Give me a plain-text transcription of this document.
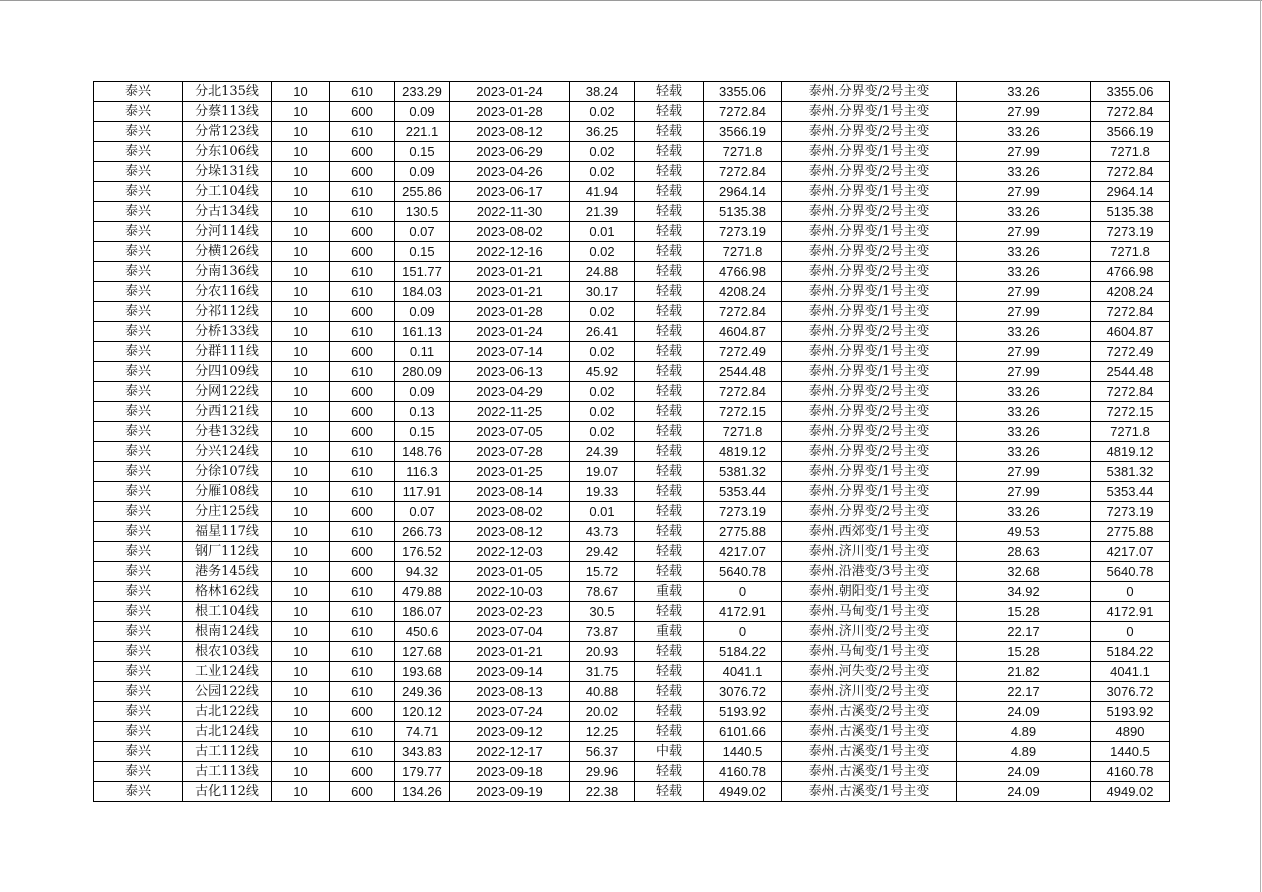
泰兴	分北135线	10	610	233.29	2023-01-24	38.24	轻载	3355.06	泰州.分界变/2号主变	33.26	3355.06
泰兴	分蔡113线	10	600	0.09	2023-01-28	0.02	轻载	7272.84	泰州.分界变/1号主变	27.99	7272.84
泰兴	分常123线	10	610	221.1	2023-08-12	36.25	轻载	3566.19	泰州.分界变/2号主变	33.26	3566.19
泰兴	分东106线	10	600	0.15	2023-06-29	0.02	轻载	7271.8	泰州.分界变/1号主变	27.99	7271.8
泰兴	分垛131线	10	600	0.09	2023-04-26	0.02	轻载	7272.84	泰州.分界变/2号主变	33.26	7272.84
泰兴	分工104线	10	610	255.86	2023-06-17	41.94	轻载	2964.14	泰州.分界变/1号主变	27.99	2964.14
泰兴	分古134线	10	610	130.5	2022-11-30	21.39	轻载	5135.38	泰州.分界变/2号主变	33.26	5135.38
泰兴	分河114线	10	600	0.07	2023-08-02	0.01	轻载	7273.19	泰州.分界变/1号主变	27.99	7273.19
泰兴	分横126线	10	600	0.15	2022-12-16	0.02	轻载	7271.8	泰州.分界变/2号主变	33.26	7271.8
泰兴	分南136线	10	610	151.77	2023-01-21	24.88	轻载	4766.98	泰州.分界变/2号主变	33.26	4766.98
泰兴	分农116线	10	610	184.03	2023-01-21	30.17	轻载	4208.24	泰州.分界变/1号主变	27.99	4208.24
泰兴	分祁112线	10	600	0.09	2023-01-28	0.02	轻载	7272.84	泰州.分界变/1号主变	27.99	7272.84
泰兴	分桥133线	10	610	161.13	2023-01-24	26.41	轻载	4604.87	泰州.分界变/2号主变	33.26	4604.87
泰兴	分群111线	10	600	0.11	2023-07-14	0.02	轻载	7272.49	泰州.分界变/1号主变	27.99	7272.49
泰兴	分四109线	10	610	280.09	2023-06-13	45.92	轻载	2544.48	泰州.分界变/1号主变	27.99	2544.48
泰兴	分网122线	10	600	0.09	2023-04-29	0.02	轻载	7272.84	泰州.分界变/2号主变	33.26	7272.84
泰兴	分西121线	10	600	0.13	2022-11-25	0.02	轻载	7272.15	泰州.分界变/2号主变	33.26	7272.15
泰兴	分巷132线	10	600	0.15	2023-07-05	0.02	轻载	7271.8	泰州.分界变/2号主变	33.26	7271.8
泰兴	分兴124线	10	610	148.76	2023-07-28	24.39	轻载	4819.12	泰州.分界变/2号主变	33.26	4819.12
泰兴	分徐107线	10	610	116.3	2023-01-25	19.07	轻载	5381.32	泰州.分界变/1号主变	27.99	5381.32
泰兴	分雁108线	10	610	117.91	2023-08-14	19.33	轻载	5353.44	泰州.分界变/1号主变	27.99	5353.44
泰兴	分庄125线	10	600	0.07	2023-08-02	0.01	轻载	7273.19	泰州.分界变/2号主变	33.26	7273.19
泰兴	福星117线	10	610	266.73	2023-08-12	43.73	轻载	2775.88	泰州.西郊变/1号主变	49.53	2775.88
泰兴	钢厂112线	10	600	176.52	2022-12-03	29.42	轻载	4217.07	泰州.济川变/1号主变	28.63	4217.07
泰兴	港务145线	10	600	94.32	2023-01-05	15.72	轻载	5640.78	泰州.沿港变/3号主变	32.68	5640.78
泰兴	格林162线	10	610	479.88	2022-10-03	78.67	重载	0	泰州.朝阳变/1号主变	34.92	0
泰兴	根工104线	10	610	186.07	2023-02-23	30.5	轻载	4172.91	泰州.马甸变/1号主变	15.28	4172.91
泰兴	根南124线	10	610	450.6	2023-07-04	73.87	重载	0	泰州.济川变/2号主变	22.17	0
泰兴	根农103线	10	610	127.68	2023-01-21	20.93	轻载	5184.22	泰州.马甸变/1号主变	15.28	5184.22
泰兴	工业124线	10	610	193.68	2023-09-14	31.75	轻载	4041.1	泰州.河失变/2号主变	21.82	4041.1
泰兴	公园122线	10	610	249.36	2023-08-13	40.88	轻载	3076.72	泰州.济川变/2号主变	22.17	3076.72
泰兴	古北122线	10	600	120.12	2023-07-24	20.02	轻载	5193.92	泰州.古溪变/2号主变	24.09	5193.92
泰兴	古北124线	10	610	74.71	2023-09-12	12.25	轻载	6101.66	泰州.古溪变/1号主变	4.89	4890
泰兴	古工112线	10	610	343.83	2022-12-17	56.37	中载	1440.5	泰州.古溪变/1号主变	4.89	1440.5
泰兴	古工113线	10	600	179.77	2023-09-18	29.96	轻载	4160.78	泰州.古溪变/1号主变	24.09	4160.78
泰兴	古化112线	10	600	134.26	2023-09-19	22.38	轻载	4949.02	泰州.古溪变/1号主变	24.09	4949.02
